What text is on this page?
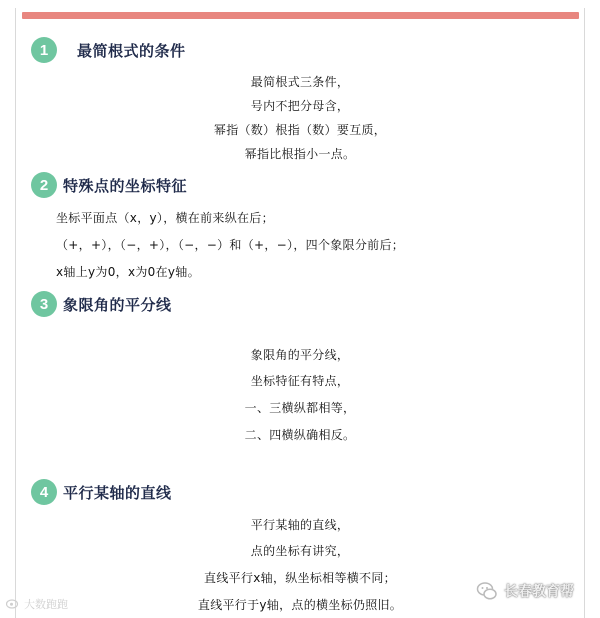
1	最简根式的条件
最简根式三条件，
号内不把分母含，
幂指（数）根指（数）要互质，
幂指比根指小一点。
2 特殊点的坐标特征
坐标平面点（x，y），横在前来纵在后；
（+，+），（−，+），（−，−）和（+，−），四个象限分前后；
x轴上y为0，x为0在y轴。
3 象限角的平分线
象限角的平分线，
坐标特征有特点，
一、三横纵都相等，
二、四横纵确相反。
4 平行某轴的直线
平行某轴的直线，
点的坐标有讲究，
直线平行x轴，纵坐标相等横不同；
直线平行于y轴，点的横坐标仍照旧。
大数跑跑
长春教育帮
